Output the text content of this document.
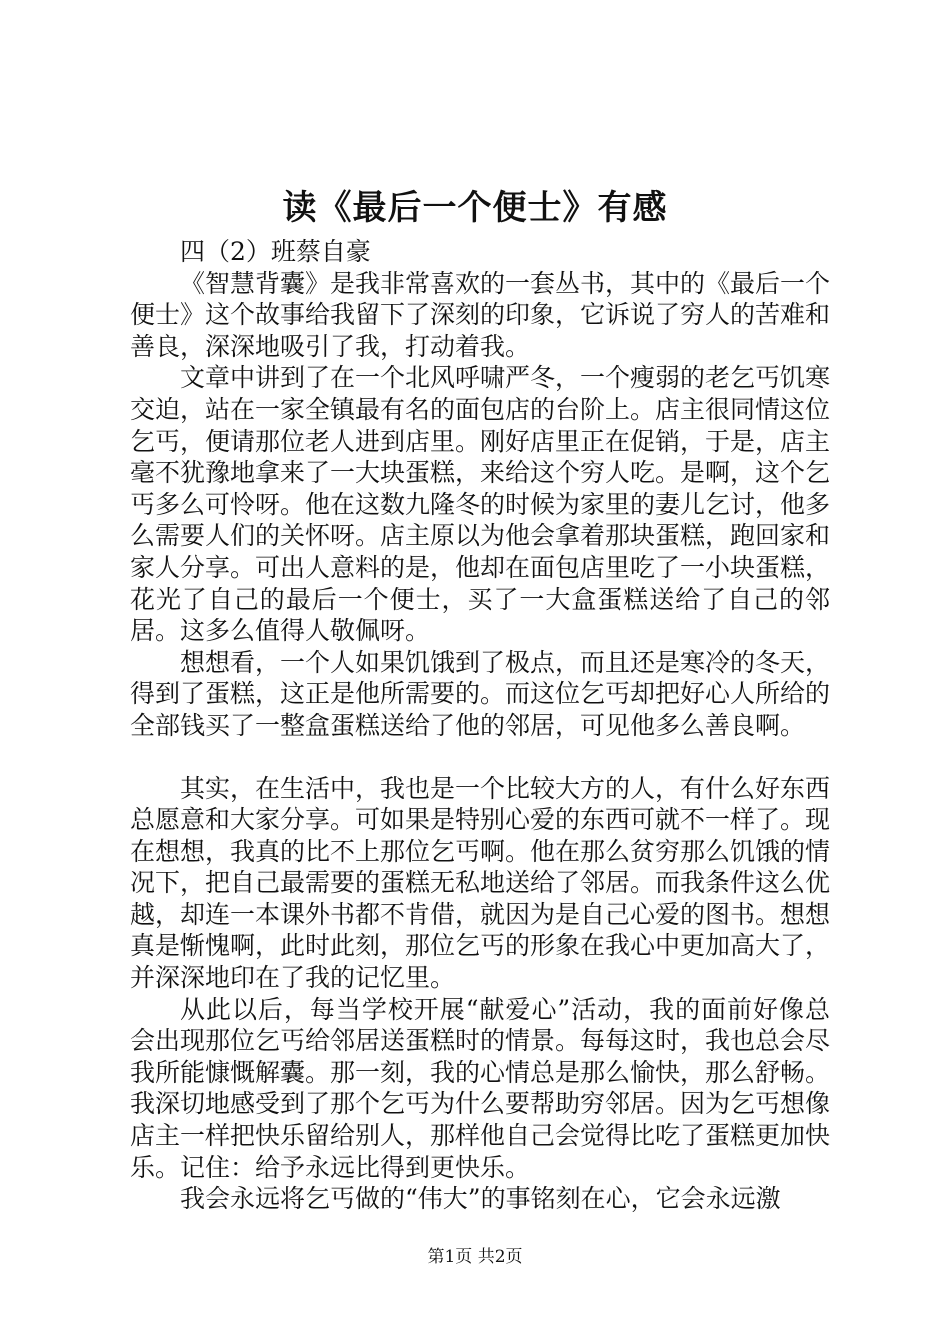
读《最后一个便士》有感

四（2）班蔡自豪

《智慧背囊》是我非常喜欢的一套丛书，其中的《最后一个便士》这个故事给我留下了深刻的印象，它诉说了穷人的苦难和善良，深深地吸引了我，打动着我。

文章中讲到了在一个北风呼啸严冬，一个瘦弱的老乞丐饥寒交迫，站在一家全镇最有名的面包店的台阶上。店主很同情这位乞丐，便请那位老人进到店里。刚好店里正在促销，于是，店主毫不犹豫地拿来了一大块蛋糕，来给这个穷人吃。是啊，这个乞丐多么可怜呀。他在这数九隆冬的时候为家里的妻儿乞讨，他多么需要人们的关怀呀。店主原以为他会拿着那块蛋糕，跑回家和家人分享。可出人意料的是，他却在面包店里吃了一小块蛋糕，花光了自己的最后一个便士，买了一大盒蛋糕送给了自己的邻居。这多么值得人敬佩呀。

想想看，一个人如果饥饿到了极点，而且还是寒冷的冬天，得到了蛋糕，这正是他所需要的。而这位乞丐却把好心人所给的全部钱买了一整盒蛋糕送给了他的邻居，可见他多么善良啊。

其实，在生活中，我也是一个比较大方的人，有什么好东西总愿意和大家分享。可如果是特别心爱的东西可就不一样了。现在想想，我真的比不上那位乞丐啊。他在那么贫穷那么饥饿的情况下，把自己最需要的蛋糕无私地送给了邻居。而我条件这么优越，却连一本课外书都不肯借，就因为是自己心爱的图书。想想真是惭愧啊，此时此刻，那位乞丐的形象在我心中更加高大了，并深深地印在了我的记忆里。

从此以后，每当学校开展“献爱心”活动，我的面前好像总会出现那位乞丐给邻居送蛋糕时的情景。每每这时，我也总会尽我所能慷慨解囊。那一刻，我的心情总是那么愉快，那么舒畅。我深切地感受到了那个乞丐为什么要帮助穷邻居。因为乞丐想像店主一样把快乐留给别人，那样他自己会觉得比吃了蛋糕更加快乐。记住：给予永远比得到更快乐。

我会永远将乞丐做的“伟大”的事铭刻在心，它会永远激

第1页 共2页
